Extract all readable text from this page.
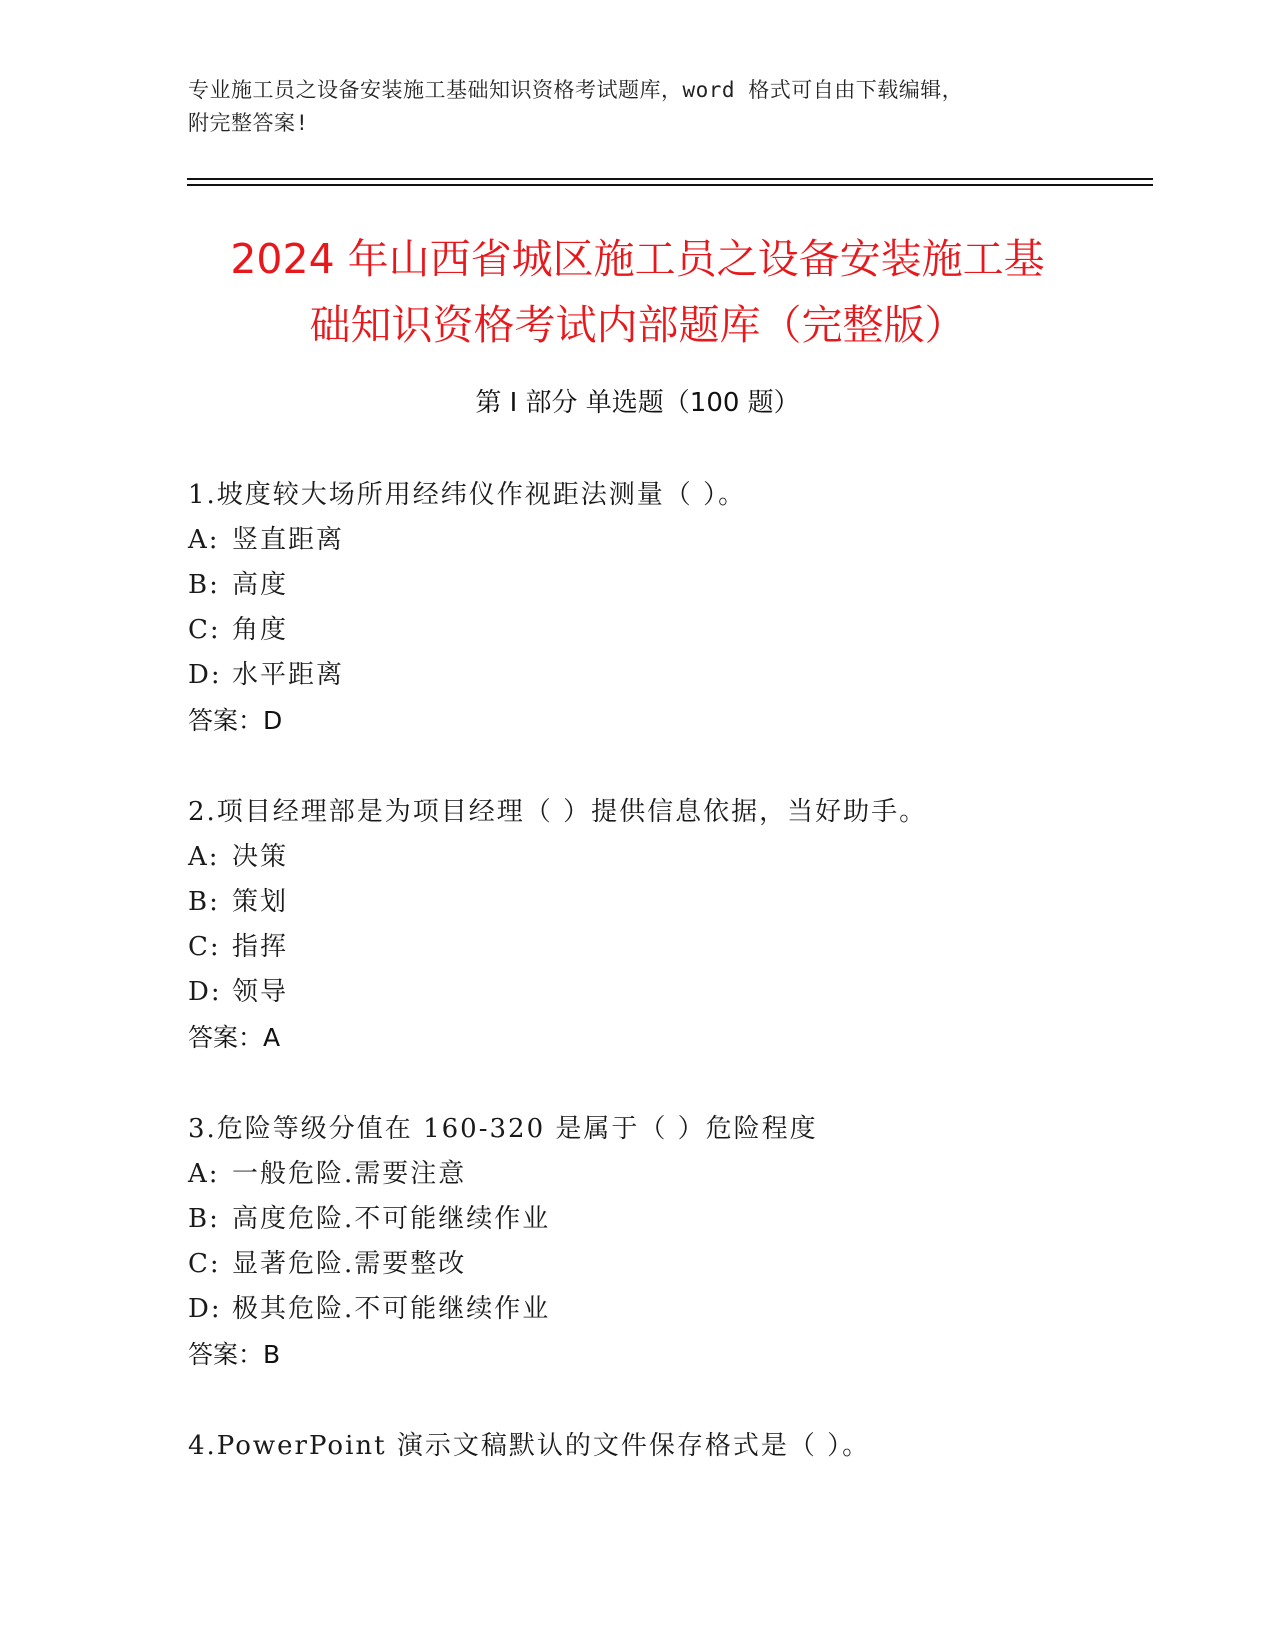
专业施工员之设备安装施工基础知识资格考试题库，word 格式可自由下载编辑，
附完整答案!
2024 年山西省城区施工员之设备安装施工基
础知识资格考试内部题库（完整版）
第 I 部分 单选题（100 题）
1.坡度较大场所用经纬仪作视距法测量（ ）。
A: 竖直距离
B: 高度
C: 角度
D: 水平距离
答案：D
2.项目经理部是为项目经理（ ）提供信息依据，当好助手。
A: 决策
B: 策划
C: 指挥
D: 领导
答案：A
3.危险等级分值在 160-320 是属于（ ）危险程度
A: 一般危险.需要注意
B: 高度危险.不可能继续作业
C: 显著危险.需要整改
D: 极其危险.不可能继续作业
答案：B
4.PowerPoint 演示文稿默认的文件保存格式是（ ）。
